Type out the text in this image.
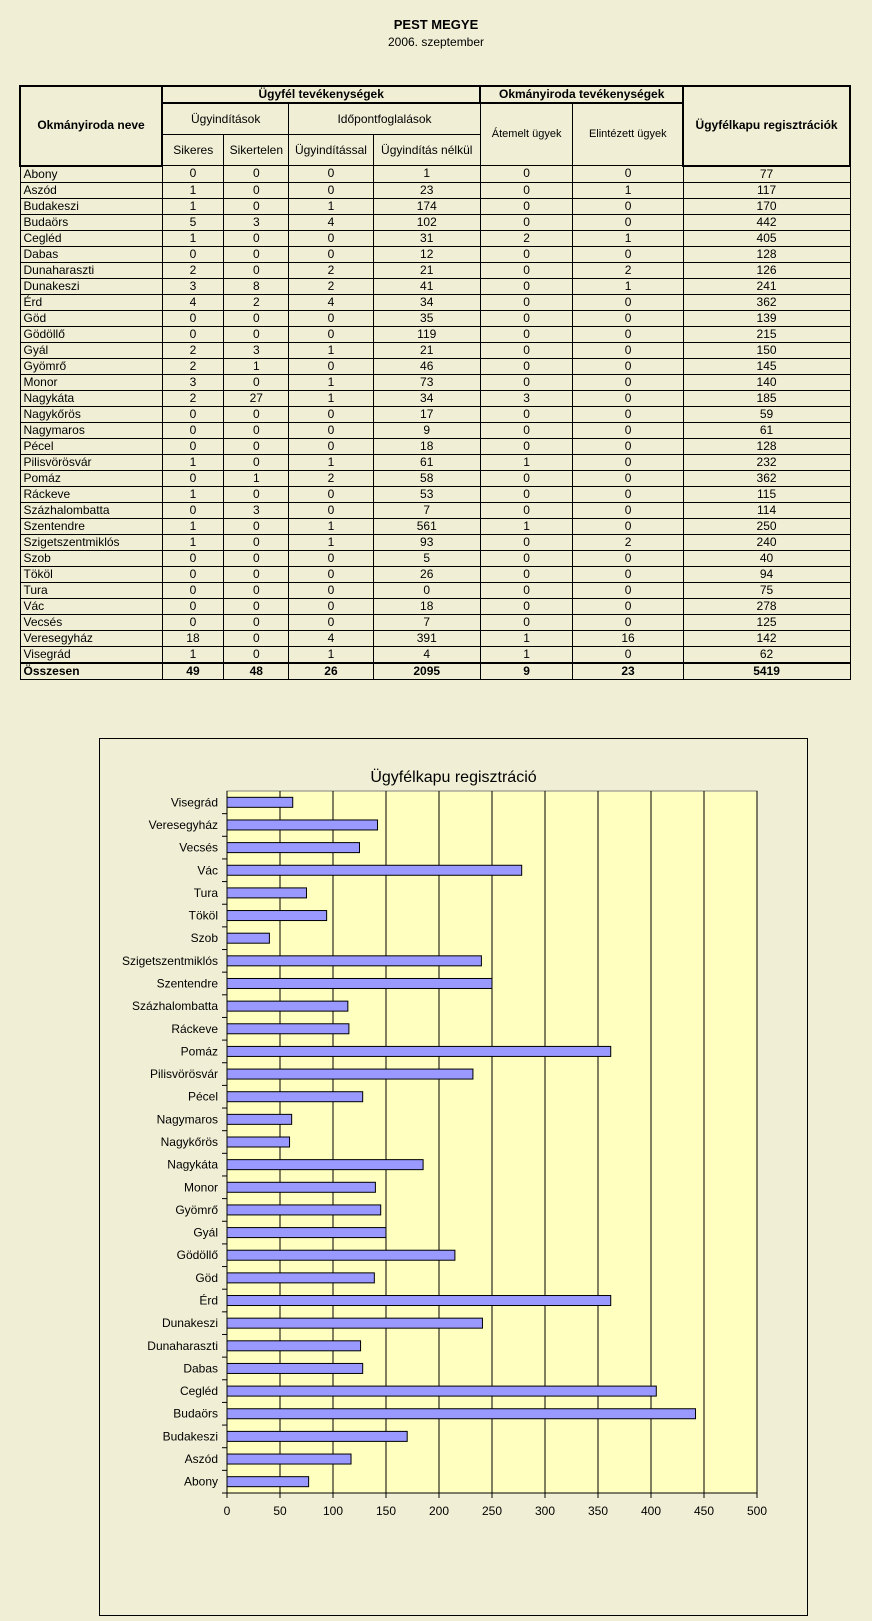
PEST MEGYE
2006. szeptember
Okmányiroda neve	Ügyfél tevékenységek				Okmányiroda tevékenységek		Ügyfélkapu regisztrációk
	Ügyindítások		Időpontfoglalások		Átemelt ügyek	Elintézett ügyek	
	Sikeres	Sikertelen	Ügyindítással	Ügyindítás nélkül			
Abony	0	0	0	1	0	0	77
Aszód	1	0	0	23	0	1	117
Budakeszi	1	0	1	174	0	0	170
Budaörs	5	3	4	102	0	0	442
Cegléd	1	0	0	31	2	1	405
Dabas	0	0	0	12	0	0	128
Dunaharaszti	2	0	2	21	0	2	126
Dunakeszi	3	8	2	41	0	1	241
Érd	4	2	4	34	0	0	362
Göd	0	0	0	35	0	0	139
Gödöllő	0	0	0	119	0	0	215
Gyál	2	3	1	21	0	0	150
Gyömrő	2	1	0	46	0	0	145
Monor	3	0	1	73	0	0	140
Nagykáta	2	27	1	34	3	0	185
Nagykőrös	0	0	0	17	0	0	59
Nagymaros	0	0	0	9	0	0	61
Pécel	0	0	0	18	0	0	128
Pilisvörösvár	1	0	1	61	1	0	232
Pomáz	0	1	2	58	0	0	362
Ráckeve	1	0	0	53	0	0	115
Százhalombatta	0	3	0	7	0	0	114
Szentendre	1	0	1	561	1	0	250
Szigetszentmiklós	1	0	1	93	0	2	240
Szob	0	0	0	5	0	0	40
Tököl	0	0	0	26	0	0	94
Tura	0	0	0	0	0	0	75
Vác	0	0	0	18	0	0	278
Vecsés	0	0	0	7	0	0	125
Veresegyház	18	0	4	391	1	16	142
Visegrád	1	0	1	4	1	0	62
Összesen	49	48	26	2095	9	23	5419
Ügyfélkapu regisztráció
0	50	100	150	200	250	300	350	400	450	500
Abony
Aszód
Budakeszi
Budaörs
Cegléd
Dabas
Dunaharaszti
Dunakeszi
Érd
Göd
Gödöllő
Gyál
Gyömrő
Monor
Nagykáta
Nagykőrös
Nagymaros
Pécel
Pilisvörösvár
Pomáz
Ráckeve
Százhalombatta
Szentendre
Szigetszentmiklós
Szob
Tököl
Tura
Vác
Vecsés
Veresegyház
Visegrád
